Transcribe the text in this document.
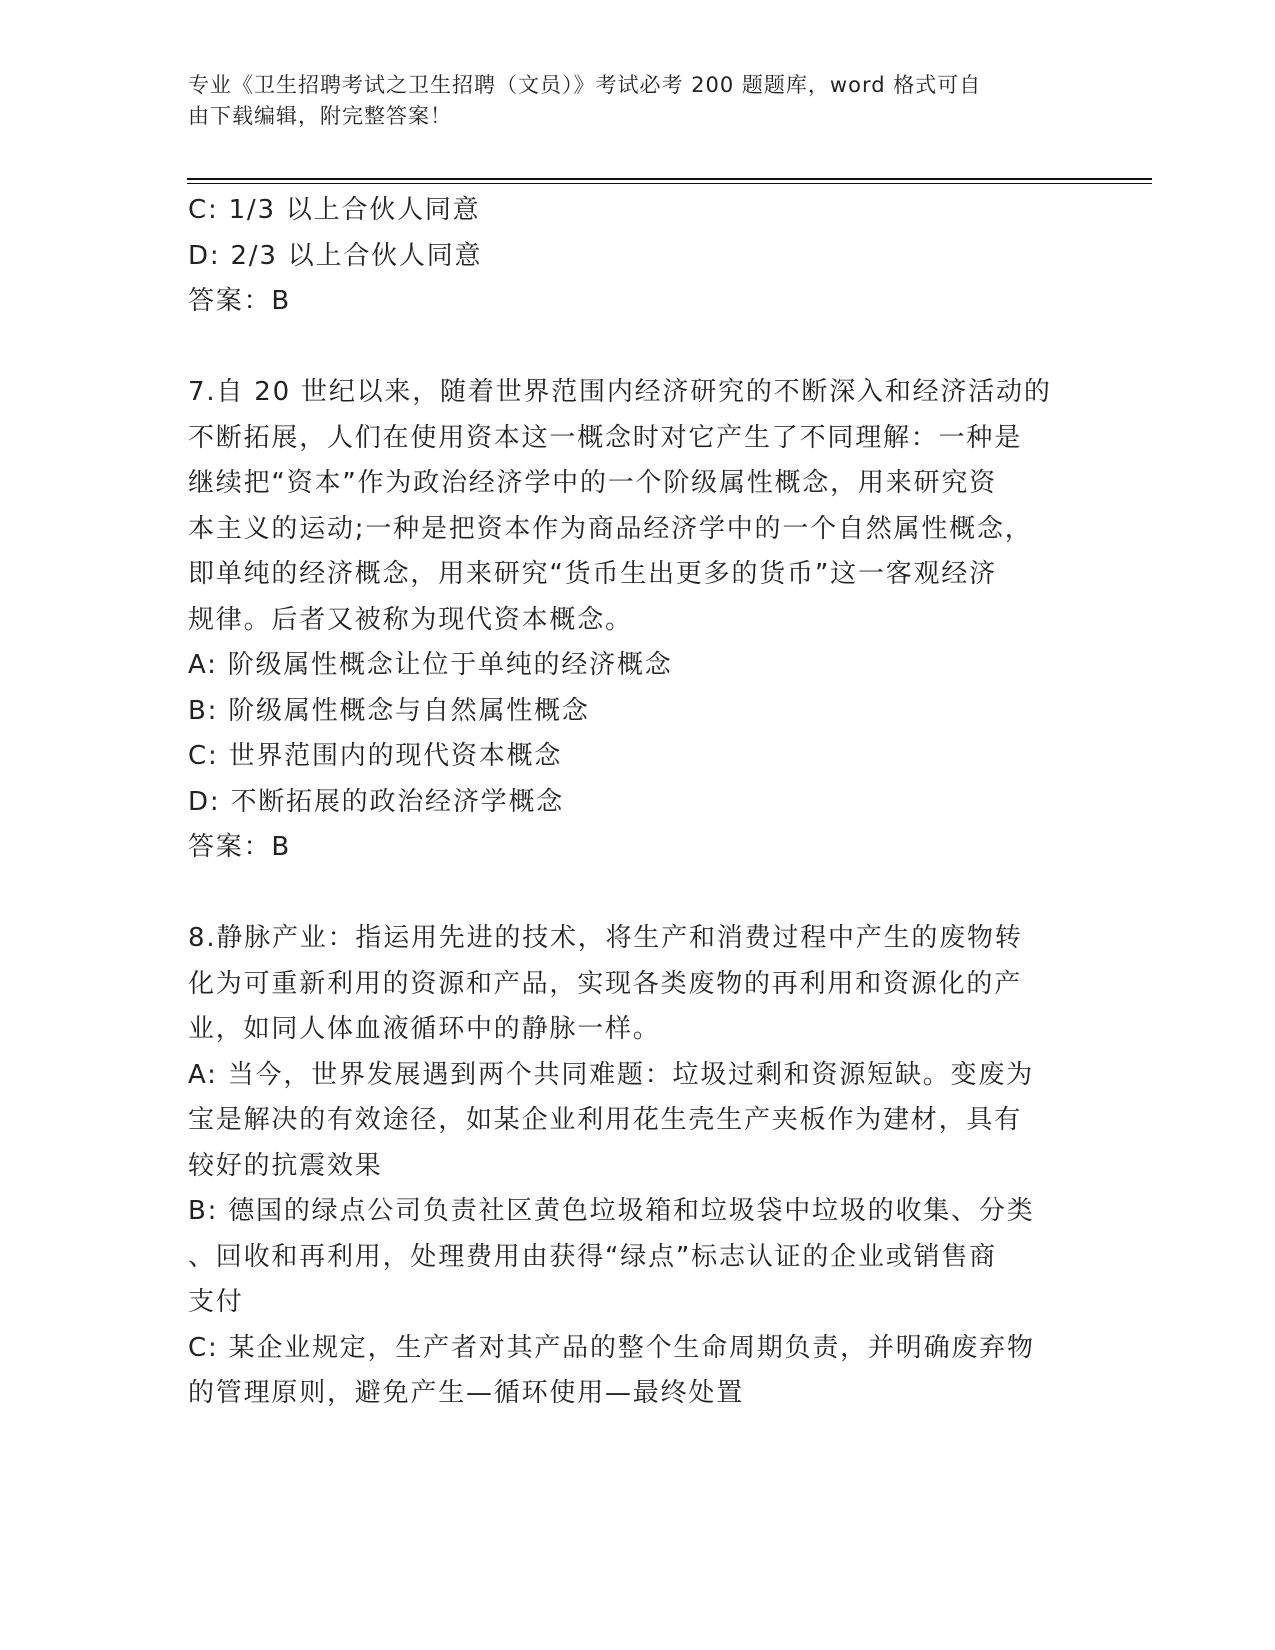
专业《卫生招聘考试之卫生招聘（文员）》考试必考 200 题题库，word 格式可自
由下载编辑，附完整答案！
C: 1/3 以上合伙人同意
D: 2/3 以上合伙人同意
答案：B
7.自 20 世纪以来，随着世界范围内经济研究的不断深入和经济活动的
不断拓展，人们在使用资本这一概念时对它产生了不同理解：一种是
继续把“资本”作为政治经济学中的一个阶级属性概念，用来研究资
本主义的运动;一种是把资本作为商品经济学中的一个自然属性概念，
即单纯的经济概念，用来研究“货币生出更多的货币”这一客观经济
规律。后者又被称为现代资本概念。
A: 阶级属性概念让位于单纯的经济概念
B: 阶级属性概念与自然属性概念
C: 世界范围内的现代资本概念
D: 不断拓展的政治经济学概念
答案：B
8.静脉产业：指运用先进的技术，将生产和消费过程中产生的废物转
化为可重新利用的资源和产品，实现各类废物的再利用和资源化的产
业，如同人体血液循环中的静脉一样。
A: 当今，世界发展遇到两个共同难题：垃圾过剩和资源短缺。变废为
宝是解决的有效途径，如某企业利用花生壳生产夹板作为建材，具有
较好的抗震效果
B: 德国的绿点公司负责社区黄色垃圾箱和垃圾袋中垃圾的收集、分类
、回收和再利用，处理费用由获得“绿点”标志认证的企业或销售商
支付
C: 某企业规定，生产者对其产品的整个生命周期负责，并明确废弃物
的管理原则，避免产生—循环使用—最终处置
